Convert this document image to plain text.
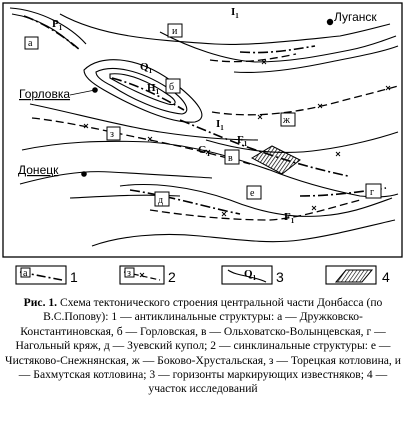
Луганск
Горловка
Донецк
а
и
б
ж
з
в
е
д
г
$P_1$
$I_1$
$Q_1$
$H_1$
$I_1$
$F_1$
$G_1$
$F_1$
а	1	з	2	$Q_1$ 3	4
Рис. 1. Схема тектонического строения центральной части Донбасса (по В.С.Попову): 1 — антиклинальные структуры: а — Дружковско-Константиновская, б — Горловская, в — Ольховатско-Волынцевская, г — Нагольный кряж, д — Зуевский купол; 2 — синклинальные структуры: е — Чистяково-Снежнянская, ж — Боково-Хрустальская, з — Торецкая котловина, и — Бахмутская котловина; 3 — горизонты маркирующих известняков; 4 — участок исследований
